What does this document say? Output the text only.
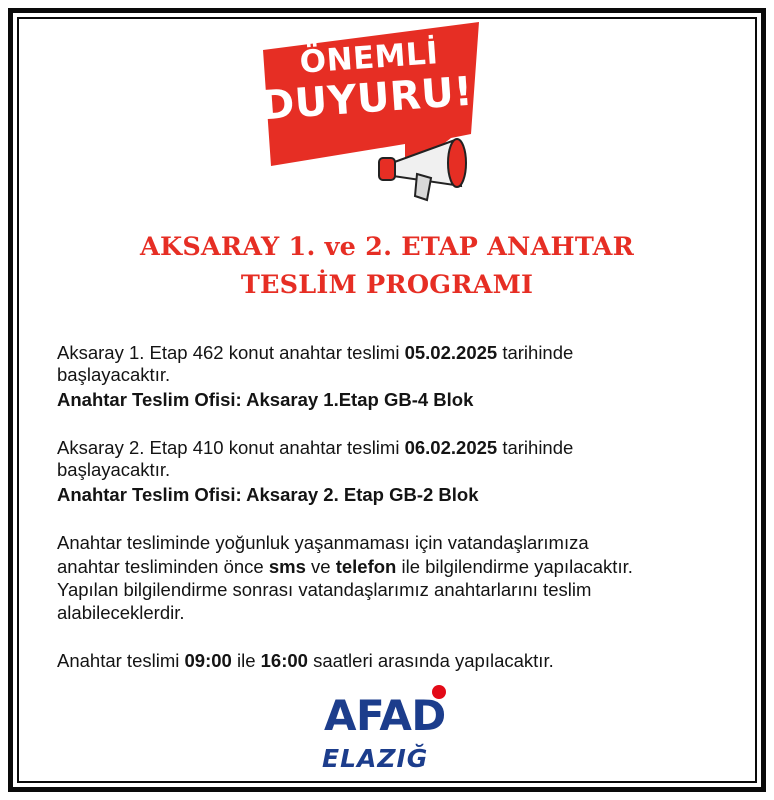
ÖNEMLİ
DUYURU!
AKSARAY 1. ve 2. ETAP ANAHTAR
TESLİM PROGRAMI

Aksaray 1. Etap 462 konut anahtar teslimi 05.02.2025 tarihinde

başlayacaktır.

Anahtar Teslim Ofisi: Aksaray 1.Etap GB-4 Blok

Aksaray 2. Etap 410 konut anahtar teslimi 06.02.2025 tarihinde

başlayacaktır.

Anahtar Teslim Ofisi: Aksaray 2. Etap GB-2 Blok

Anahtar tesliminde yoğunluk yaşanmaması için vatandaşlarımıza

anahtar tesliminden önce sms ve telefon ile bilgilendirme yapılacaktır.

Yapılan bilgilendirme sonrası vatandaşlarımız anahtarlarını teslim

alabileceklerdir.

Anahtar teslimi 09:00 ile 16:00 saatleri arasında yapılacaktır.

AFAD
ELAZIĞ
